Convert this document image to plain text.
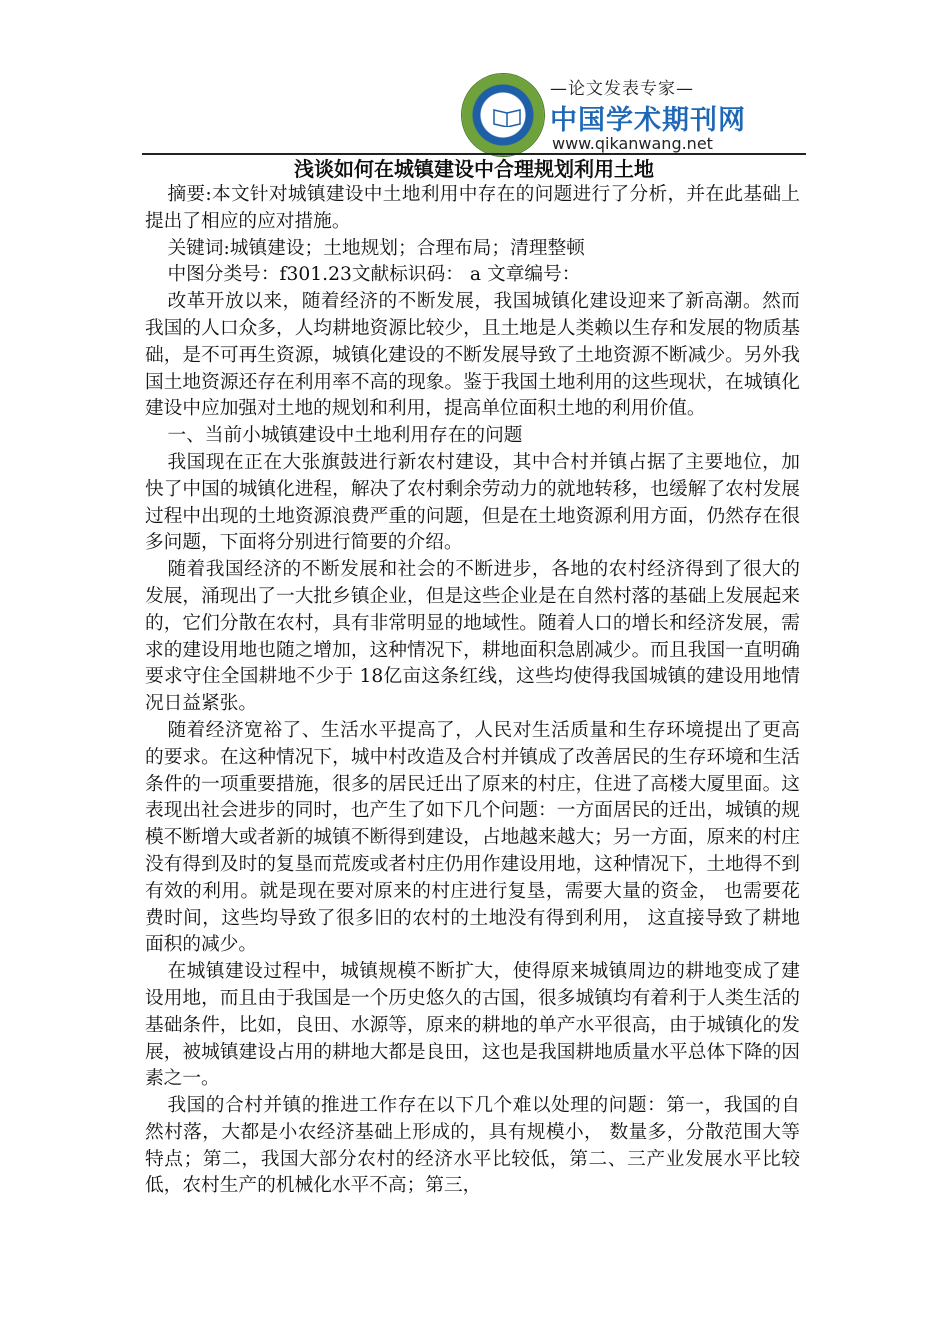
—论文发表专家—
中国学术期刊网
www.qikanwang.net
浅谈如何在城镇建设中合理规划利用土地

摘要:本文针对城镇建设中土地利用中存在的问题进行了分析，并在此基础上提出了相应的应对措施。

关键词:城镇建设；土地规划；合理布局；清理整顿

中图分类号：f301.23文献标识码： a 文章编号：

改革开放以来，随着经济的不断发展，我国城镇化建设迎来了新高潮。然而我国的人口众多，人均耕地资源比较少，且土地是人类赖以生存和发展的物质基础，是不可再生资源，城镇化建设的不断发展导致了土地资源不断减少。另外我国土地资源还存在利用率不高的现象。鉴于我国土地利用的这些现状，在城镇化建设中应加强对土地的规划和利用，提高单位面积土地的利用价值。

一、当前小城镇建设中土地利用存在的问题

我国现在正在大张旗鼓进行新农村建设，其中合村并镇占据了主要地位，加快了中国的城镇化进程，解决了农村剩余劳动力的就地转移，也缓解了农村发展过程中出现的土地资源浪费严重的问题，但是在土地资源利用方面，仍然存在很多问题，下面将分别进行简要的介绍。

随着我国经济的不断发展和社会的不断进步，各地的农村经济得到了很大的发展，涌现出了一大批乡镇企业，但是这些企业是在自然村落的基础上发展起来的，它们分散在农村，具有非常明显的地域性。随着人口的增长和经济发展，需求的建设用地也随之增加，这种情况下，耕地面积急剧减少。而且我国一直明确要求守住全国耕地不少于 18亿亩这条红线，这些均使得我国城镇的建设用地情况日益紧张。

随着经济宽裕了、生活水平提高了，人民对生活质量和生存环境提出了更高的要求。在这种情况下，城中村改造及合村并镇成了改善居民的生存环境和生活条件的一项重要措施，很多的居民迁出了原来的村庄，住进了高楼大厦里面。这表现出社会进步的同时，也产生了如下几个问题：一方面居民的迁出，城镇的规模不断增大或者新的城镇不断得到建设，占地越来越大；另一方面，原来的村庄没有得到及时的复垦而荒废或者村庄仍用作建设用地，这种情况下，土地得不到有效的利用。就是现在要对原来的村庄进行复垦，需要大量的资金， 也需要花费时间，这些均导致了很多旧的农村的土地没有得到利用， 这直接导致了耕地面积的减少。

在城镇建设过程中，城镇规模不断扩大，使得原来城镇周边的耕地变成了建设用地，而且由于我国是一个历史悠久的古国，很多城镇均有着利于人类生活的基础条件，比如，良田、水源等，原来的耕地的单产水平很高，由于城镇化的发展，被城镇建设占用的耕地大都是良田，这也是我国耕地质量水平总体下降的因素之一。

我国的合村并镇的推进工作存在以下几个难以处理的问题：第一，我国的自然村落，大都是小农经济基础上形成的，具有规模小， 数量多，分散范围大等特点；第二，我国大部分农村的经济水平比较低，第二、三产业发展水平比较低，农村生产的机械化水平不高；第三，
